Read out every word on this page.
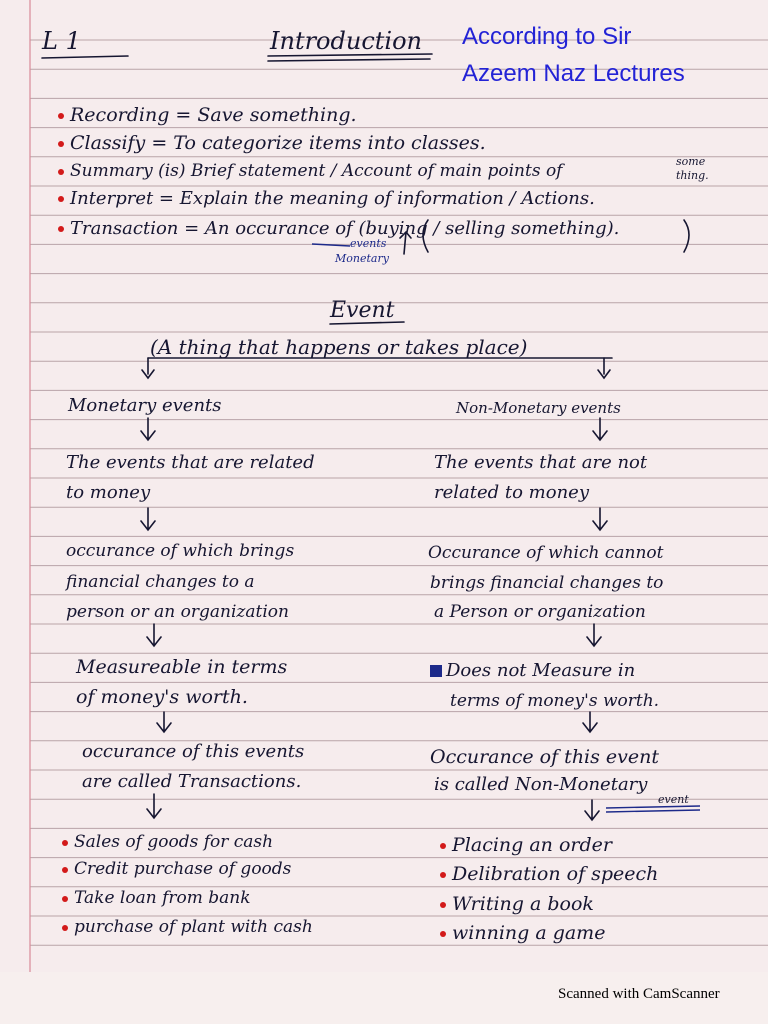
L 1	Introduction According to Sir
Azeem Naz Lectures
Recording = Save something.
Classify = To categorize items into classes.
Summary (is) Brief statement / Account of main points of	some
thing.
Interpret = Explain the meaning of information / Actions.
Transaction = An occurance of (buying / selling something).
events
Monetary
Event
(A thing that happens or takes place)
Monetary events
The events that are related
to money
occurance of which brings
financial changes to a
person or an organization
Measureable in terms
of money's worth.
occurance of this events
are called Transactions.
Sales of goods for cash
Credit purchase of goods
Take loan from bank
purchase of plant with cash
Non-Monetary events
The events that are not
related to money
Occurance of which cannot
brings financial changes to
a Person or organization
Does not Measure in
terms of money's worth.
Occurance of this event
is called Non-Monetary
event
Placing an order
Delibration of speech
Writing a book
winning a game
Scanned with CamScanner
